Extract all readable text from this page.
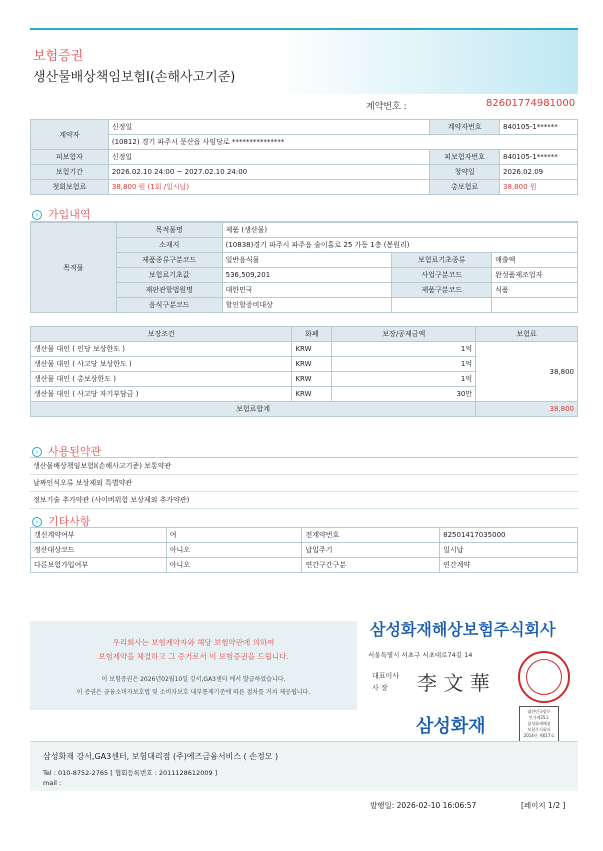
보험증권
생산물배상책임보험Ⅰ(손해사고기준)
계약번호 :	82601774981000
계약자	신정일	계약자번호	840105-1******
	(10812) 경기 파주시 문산읍 사임당로 ***************		
피보험자	신정일	피보험자번호	840105-1******
보험기간	2026.02.10 24:00 ~ 2027.02.10 24:00	청약일	2026.02.09
첫회보험료	38,800 원 (1회 /일시납)	총보험료	38,800 원
› 가입내역
목적물	목적물명	제품 (생산물)		
	소재지	(10838)경기 파주시 파주읍 술이홀로 25 가동 1층 (봉원리)		
	제품종류구분코드	일반음식물	보험료기초종류	매출액
	보험료기초값	536,509,201	사업구분코드	완성품제조업자
	재판관할법원명	대한민국	제품구분코드	식품
	음식구분코드	할인할증비대상		
보장조건	화폐	보장/공제금액	보험료
생산물 대인 ( 인당 보상한도 )	KRW	1억	38,800
생산물 대인 ( 사고당 보상한도 )	KRW	1억	
생산물 대인 ( 총보상한도 )	KRW	1억	
생산물 대인 ( 사고당 자기부담금 )	KRW	30만	
보험료합계			38,800
› 사용된약관
생산물배상책임보험Ⅰ(손해사고기준) 보통약관
날짜인식오류 보상제외 특별약관
정보기술 추가약관 (사이버위험 보상제외 추가약관)
› 기타사항
갱신계약여부	여	전계약번호	82501417035000
정산대상코드	아니오	납입주기	일시납
다른보험가입여부	아니오	연간구간구분	연간계약
우리회사는 보험계약자와 해당 보험약관에 의하여
보험계약을 체결하고 그 증거로서 이 보험증권을 드립니다.
이 보험증권은 2026년02월10일 강서,GA3센터 에서 발급하였습니다.
이 증권은 금융소비자보호법 및 소비자보호 내부통제기준에 따른 절차를 거쳐 제공됩니다.
삼성화재해상보험주식회사
서울특별시 서초구 서초대로74길 14
대표이사
사 장	李 文 華
삼성화재
대한민국법무
인가제35호
삼성화재해상
보험주식회사
2014년 제017호
삼성화재 강서,GA3센터, 보험대리점 (주)에즈금융서비스 ( 손정모 )
Tel : 010-8752-2765 [ 협회등록번호 : 2011128612009 ]
mail :
발행일: 2026-02-10 16:06:57	[페이지 1/2 ]
